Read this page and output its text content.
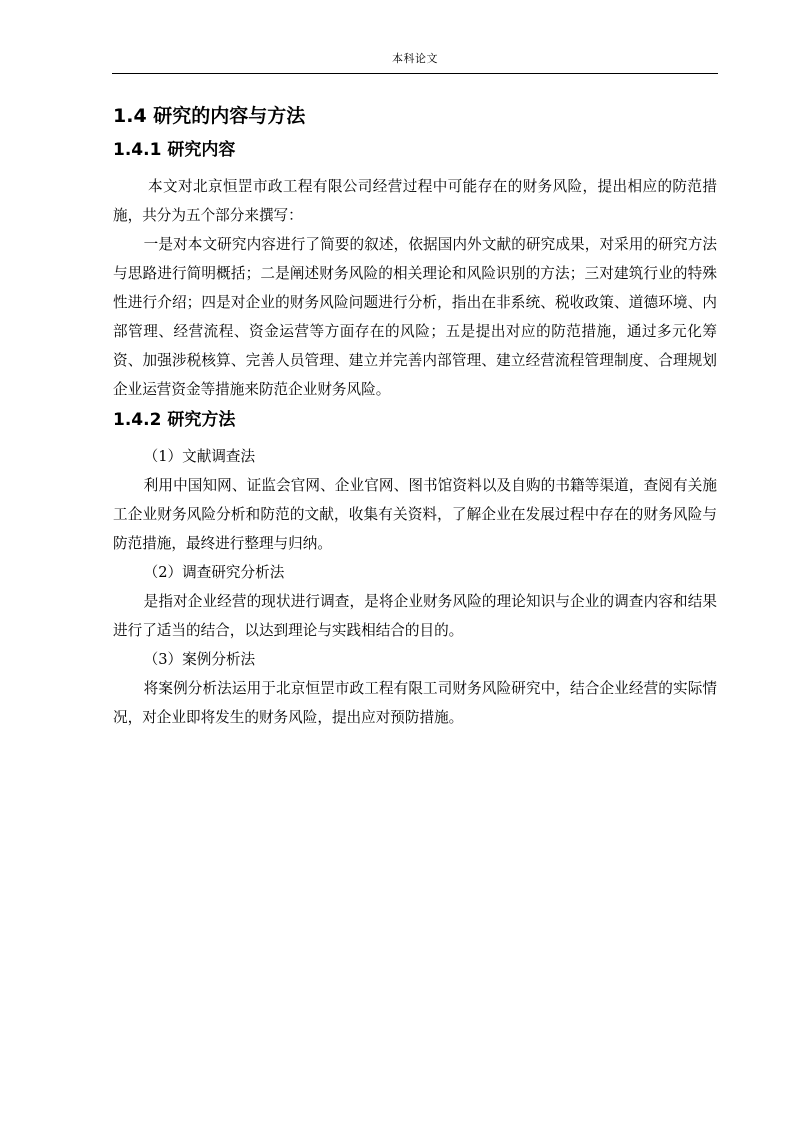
本科论文
1.4 研究的内容与方法
1.4.1 研究内容

本文对北京恒罡市政工程有限公司经营过程中可能存在的财务风险，提出相应的防范措施，共分为五个部分来撰写：

一是对本文研究内容进行了简要的叙述，依据国内外文献的研究成果，对采用的研究方法与思路进行简明概括；二是阐述财务风险的相关理论和风险识别的方法；三对建筑行业的特殊性进行介绍；四是对企业的财务风险问题进行分析，指出在非系统、税收政策、道德环境、内部管理、经营流程、资金运营等方面存在的风险；五是提出对应的防范措施，通过多元化筹资、加强涉税核算、完善人员管理、建立并完善内部管理、建立经营流程管理制度、合理规划企业运营资金等措施来防范企业财务风险。

1.4.2 研究方法

（1）文献调查法

利用中国知网、证监会官网、企业官网、图书馆资料以及自购的书籍等渠道，查阅有关施工企业财务风险分析和防范的文献，收集有关资料，了解企业在发展过程中存在的财务风险与防范措施，最终进行整理与归纳。

（2）调查研究分析法

是指对企业经营的现状进行调查，是将企业财务风险的理论知识与企业的调查内容和结果进行了适当的结合，以达到理论与实践相结合的目的。

（3）案例分析法

将案例分析法运用于北京恒罡市政工程有限工司财务风险研究中，结合企业经营的实际情况，对企业即将发生的财务风险，提出应对预防措施。
